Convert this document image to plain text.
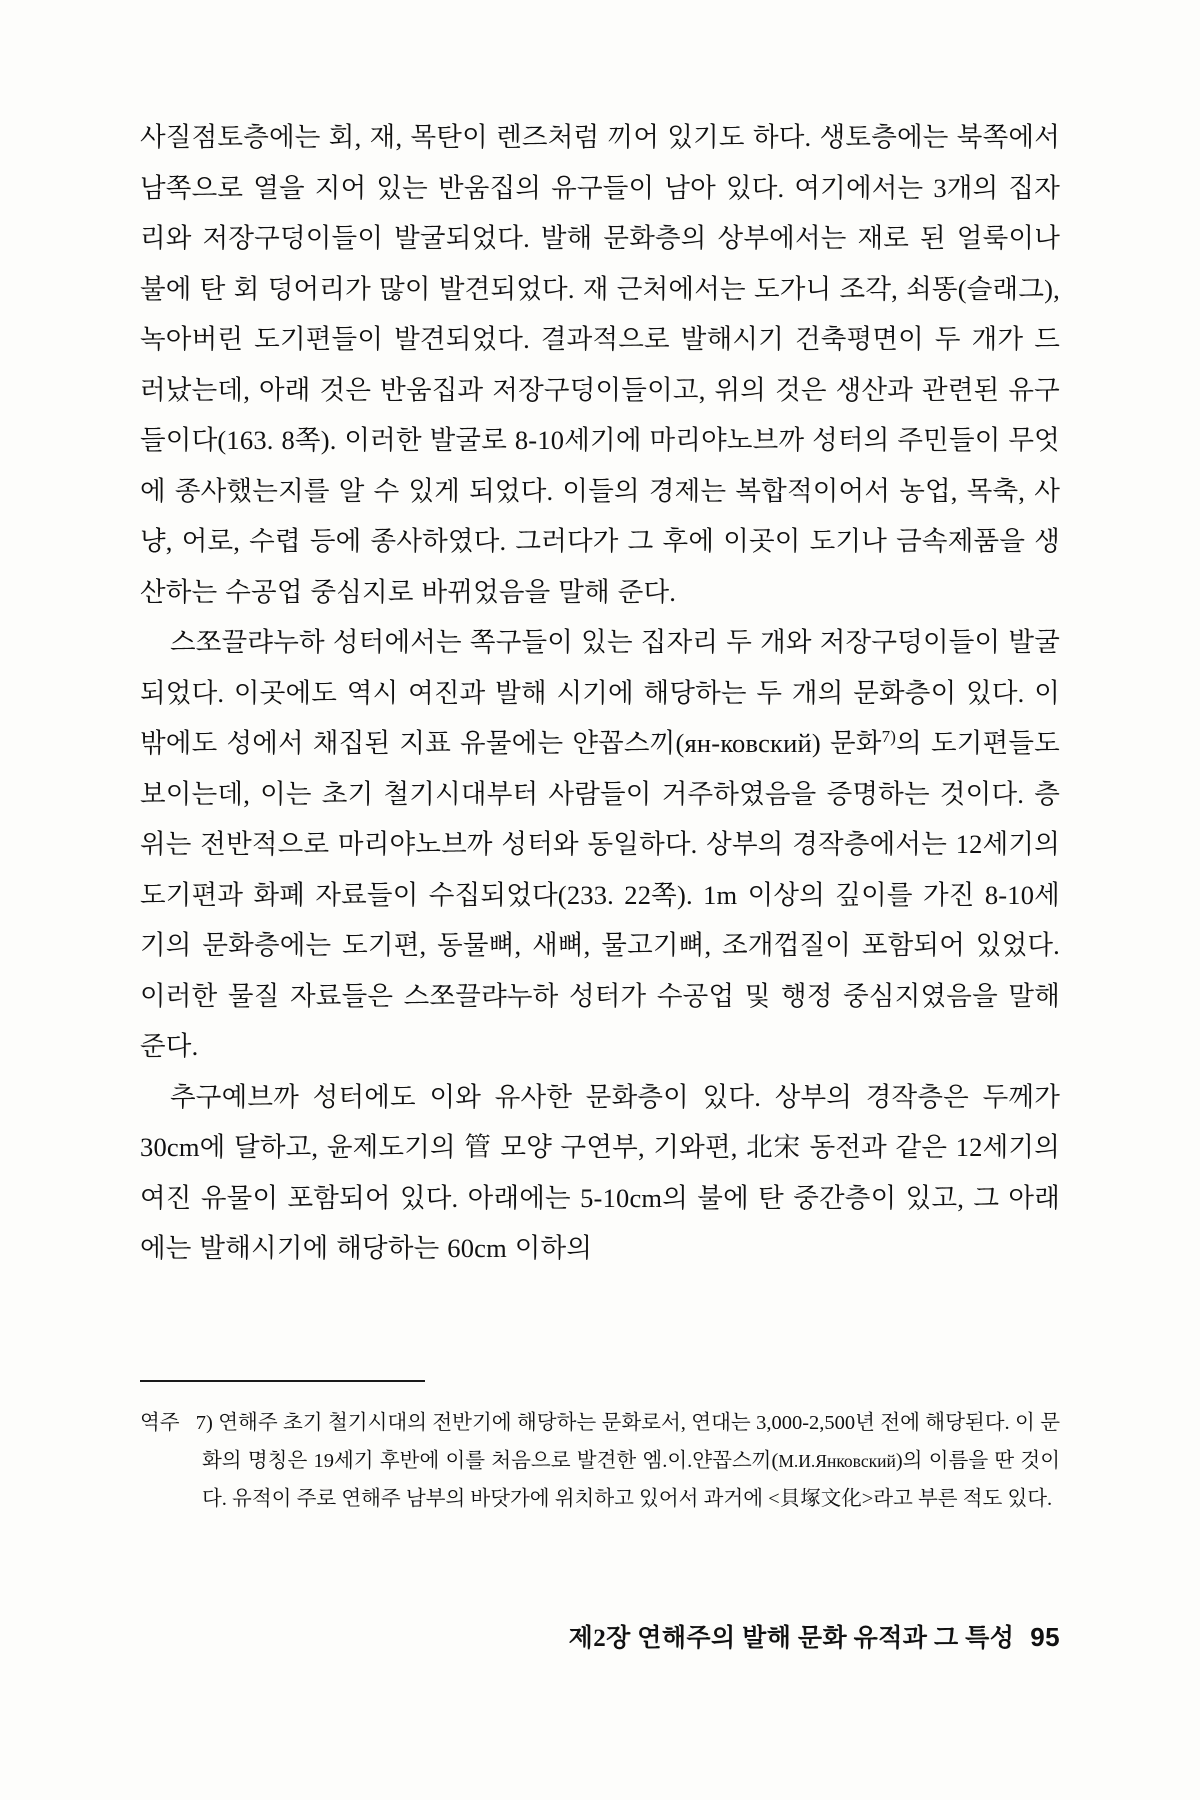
사질점토층에는 회, 재, 목탄이 렌즈처럼 끼어 있기도 하다. 생토층에는 북쪽에서 남쪽으로 열을 지어 있는 반움집의 유구들이 남아 있다. 여기에서는 3개의 집자리와 저장구덩이들이 발굴되었다. 발해 문화층의 상부에서는 재로 된 얼룩이나 불에 탄 회 덩어리가 많이 발견되었다. 재 근처에서는 도가니 조각, 쇠똥(슬래그), 녹아버린 도기편들이 발견되었다. 결과적으로 발해시기 건축평면이 두 개가 드러났는데, 아래 것은 반움집과 저장구덩이들이고, 위의 것은 생산과 관련된 유구들이다(163. 8쪽). 이러한 발굴로 8-10세기에 마리야노브까 성터의 주민들이 무엇에 종사했는지를 알 수 있게 되었다. 이들의 경제는 복합적이어서 농업, 목축, 사냥, 어로, 수렵 등에 종사하였다. 그러다가 그 후에 이곳이 도기나 금속제품을 생산하는 수공업 중심지로 바뀌었음을 말해 준다.

스쪼끌랴누하 성터에서는 쪽구들이 있는 집자리 두 개와 저장구덩이들이 발굴되었다. 이곳에도 역시 여진과 발해 시기에 해당하는 두 개의 문화층이 있다. 이밖에도 성에서 채집된 지표 유물에는 얀꼽스끼(ян-ковский) 문화$^{7)}$의 도기편들도 보이는데, 이는 초기 철기시대부터 사람들이 거주하였음을 증명하는 것이다. 층위는 전반적으로 마리야노브까 성터와 동일하다. 상부의 경작층에서는 12세기의 도기편과 화폐 자료들이 수집되었다(233. 22쪽). 1m 이상의 깊이를 가진 8-10세기의 문화층에는 도기편, 동물뼈, 새뼈, 물고기뼈, 조개껍질이 포함되어 있었다. 이러한 물질 자료들은 스쪼끌랴누하 성터가 수공업 및 행정 중심지였음을 말해준다.

추구예브까 성터에도 이와 유사한 문화층이 있다. 상부의 경작층은 두께가 30cm에 달하고, 윤제도기의 管 모양 구연부, 기와편, 北宋 동전과 같은 12세기의 여진 유물이 포함되어 있다. 아래에는 5-10cm의 불에 탄 중간층이 있고, 그 아래에는 발해시기에 해당하는 60cm 이하의

역주 7) 연해주 초기 철기시대의 전반기에 해당하는 문화로서, 연대는 3,000-2,500년 전에 해당된다. 이 문화의 명칭은 19세기 후반에 이를 처음으로 발견한 엠.이.얀꼽스끼(М.И.Янковский)의 이름을 딴 것이다. 유적이 주로 연해주 남부의 바닷가에 위치하고 있어서 과거에 <貝塚文化>라고 부른 적도 있다.

제2장 연해주의 발해 문화 유적과 그 특성 95
